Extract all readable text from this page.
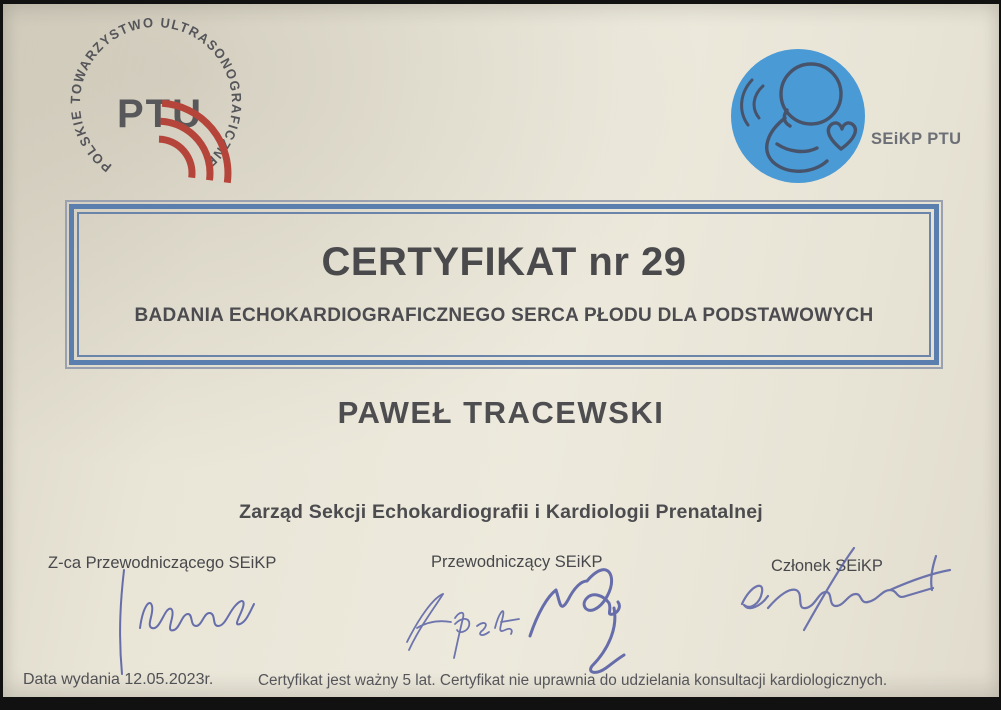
POLSKIE TOWARZYSTWO ULTRASONOGRAFICZNE
PTU
SEiKP PTU
CERTYFIKAT nr 29
BADANIA ECHOKARDIOGRAFICZNEGO SERCA PŁODU DLA PODSTAWOWYCH
PAWEŁ TRACEWSKI
Zarząd Sekcji Echokardiografii i Kardiologii Prenatalnej
Z-ca Przewodniczącego SEiKP	Przewodniczący SEiKP	Członek SEiKP
Data wydania 12.05.2023r.	Certyfikat jest ważny 5 lat. Certyfikat nie uprawnia do udzielania konsultacji kardiologicznych.
